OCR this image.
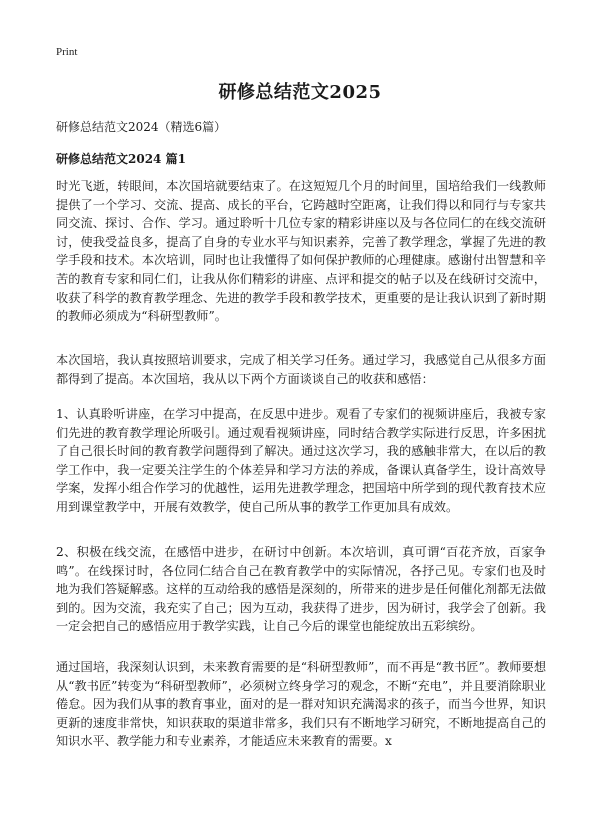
Print
研修总结范文2025
研修总结范文2024（精选6篇）
研修总结范文2024 篇1

时光飞逝，转眼间，本次国培就要结束了。在这短短几个月的时间里，国培给我们一线教师提供了一个学习、交流、提高、成长的平台，它跨越时空距离，让我们得以和同行与专家共同交流、探讨、合作、学习。通过聆听十几位专家的精彩讲座以及与各位同仁的在线交流研讨，使我受益良多，提高了自身的专业水平与知识素养，完善了教学理念，掌握了先进的教学手段和技术。本次培训，同时也让我懂得了如何保护教师的心理健康。感谢付出智慧和辛苦的教育专家和同仁们，让我从你们精彩的讲座、点评和提交的帖子以及在线研讨交流中，收获了科学的教育教学理念、先进的教学手段和教学技术，更重要的是让我认识到了新时期的教师必须成为“科研型教师”。

本次国培，我认真按照培训要求，完成了相关学习任务。通过学习，我感觉自己从很多方面都得到了提高。本次国培，我从以下两个方面谈谈自己的收获和感悟：

1、认真聆听讲座，在学习中提高，在反思中进步。观看了专家们的视频讲座后，我被专家们先进的教育教学理论所吸引。通过观看视频讲座，同时结合教学实际进行反思，许多困扰了自己很长时间的教育教学问题得到了解决。通过这次学习，我的感触非常大，在以后的教学工作中，我一定要关注学生的个体差异和学习方法的养成，备课认真备学生，设计高效导学案，发挥小组合作学习的优越性，运用先进教学理念，把国培中所学到的现代教育技术应用到课堂教学中，开展有效教学，使自己所从事的教学工作更加具有成效。

2、积极在线交流，在感悟中进步，在研讨中创新。本次培训，真可谓“百花齐放，百家争鸣”。在线探讨时，各位同仁结合自己在教育教学中的实际情况，各抒己见。专家们也及时地为我们答疑解惑。这样的互动给我的感悟是深刻的，所带来的进步是任何催化剂都无法做到的。因为交流，我充实了自己；因为互动，我获得了进步，因为研讨，我学会了创新。我一定会把自己的感悟应用于教学实践，让自己今后的课堂也能绽放出五彩缤纷。

通过国培，我深刻认识到，未来教育需要的是“科研型教师”，而不再是“教书匠”。教师要想从“教书匠”转变为“科研型教师”，必须树立终身学习的观念，不断“充电”，并且要消除职业倦怠。因为我们从事的教育事业，面对的是一群对知识充满渴求的孩子，而当今世界，知识更新的速度非常快，知识获取的渠道非常多，我们只有不断地学习研究，不断地提高自己的知识水平、教学能力和专业素养，才能适应未来教育的需要。x
